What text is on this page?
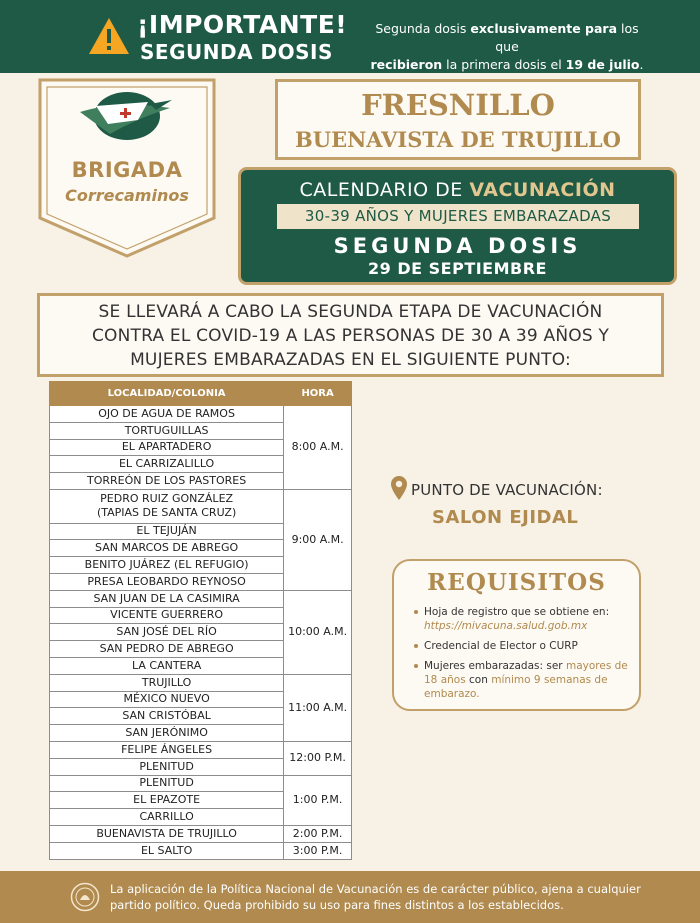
¡IMPORTANTE!
SEGUNDA DOSIS
Segunda dosis exclusivamente para los que
recibieron la primera dosis el 19 de julio.
BRIGADA
Correcaminos
FRESNILLO
BUENAVISTA DE TRUJILLO
CALENDARIO DE VACUNACIÓN
30-39 AÑOS Y MUJERES EMBARAZADAS
SEGUNDA DOSIS
29 DE SEPTIEMBRE
SE LLEVARÁ A CABO LA SEGUNDA ETAPA DE VACUNACIÓN
CONTRA EL COVID-19 A LAS PERSONAS DE 30 A 39 AÑOS Y
MUJERES EMBARAZADAS EN EL SIGUIENTE PUNTO:
LOCALIDAD/COLONIA	HORA
OJO DE AGUA DE RAMOS	8:00 A.M.
TORTUGUILLAS	
EL APARTADERO	
EL CARRIZALILLO	
TORREÓN DE LOS PASTORES	
PEDRO RUIZ GONZÁLEZ
(TAPIAS DE SANTA CRUZ)	9:00 A.M.
EL TEJUJÁN	
SAN MARCOS DE ABREGO	
BENITO JUÁREZ (EL REFUGIO)	
PRESA LEOBARDO REYNOSO	
SAN JUAN DE LA CASIMIRA	10:00 A.M.
VICENTE GUERRERO	
SAN JOSÉ DEL RÍO	
SAN PEDRO DE ABREGO	
LA CANTERA	
TRUJILLO	11:00 A.M.
MÉXICO NUEVO	
SAN CRISTÓBAL	
SAN JERÓNIMO	
FELIPE ÁNGELES	12:00 P.M.
PLENITUD	
PLENITUD	1:00 P.M.
EL EPAZOTE	
CARRILLO	
BUENAVISTA DE TRUJILLO	2:00 P.M.
EL SALTO	3:00 P.M.
PUNTO DE VACUNACIÓN:
SALON EJIDAL
REQUISITOS
Hoja de registro que se obtiene en: https://mivacuna.salud.gob.mx
Credencial de Elector o CURP
Mujeres embarazadas: ser mayores de 18 años con mínimo 9 semanas de embarazo.
La aplicación de la Política Nacional de Vacunación es de carácter público, ajena a cualquier partido político. Queda prohibido su uso para fines distintos a los establecidos.
